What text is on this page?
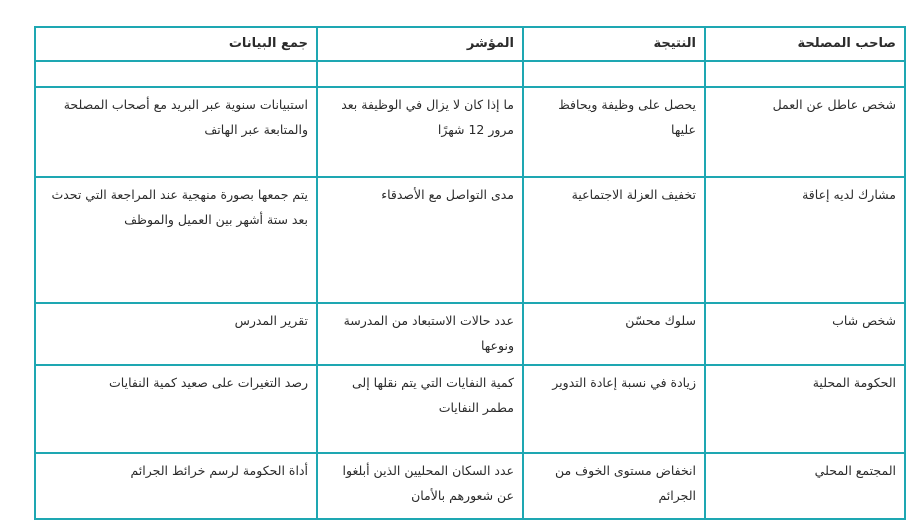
صاحب المصلحة	النتيجة	المؤشر	جمع البيانات

شخص عاطل عن العمل	يحصل على وظيفة ويحافظ عليها	ما إذا كان لا يزال في الوظيفة بعد مرور 12 شهرًا	استبيانات سنوية عبر البريد مع أصحاب المصلحة والمتابعة عبر الهاتف
مشارك لديه إعاقة	تخفيف العزلة الاجتماعية	مدى التواصل مع الأصدقاء	يتم جمعها بصورة منهجية عند المراجعة التي تحدث بعد ستة أشهر بين العميل والموظف
شخص شاب	سلوك محسّن	عدد حالات الاستبعاد من المدرسة ونوعها	تقرير المدرس
الحكومة المحلية	زيادة في نسبة إعادة التدوير	كمية النفايات التي يتم نقلها إلى مطمر النفايات	رصد التغيرات على صعيد كمية النفايات
المجتمع المحلي	انخفاض مستوى الخوف من الجرائم	عدد السكان المحليين الذين أبلغوا عن شعورهم بالأمان	أداة الحكومة لرسم خرائط الجرائم
